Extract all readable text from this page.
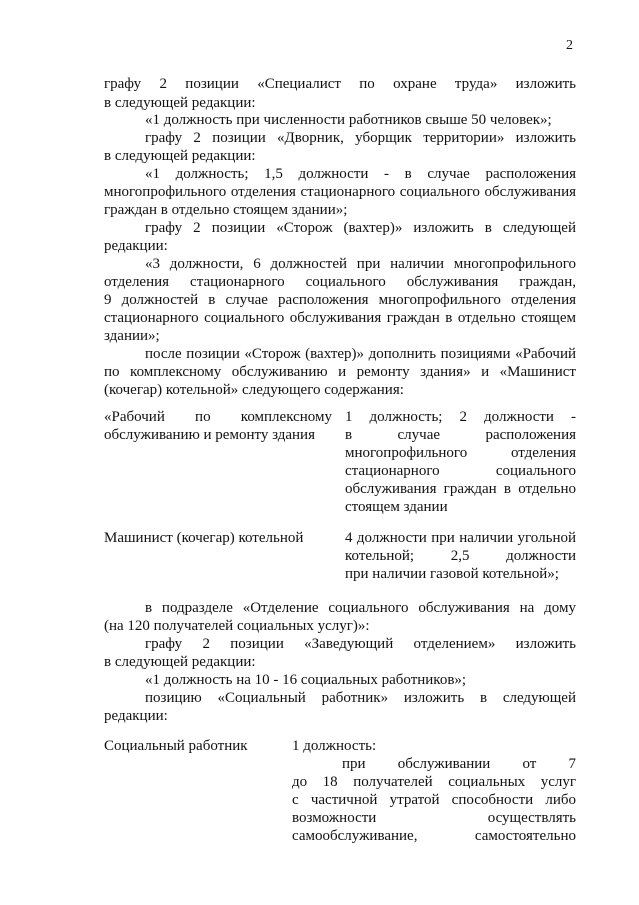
2
графу 2 позиции «Специалист по охране труда» изложить
в следующей редакции:
«1 должность при численности работников свыше 50 человек»;
графу 2 позиции «Дворник, уборщик территории» изложить
в следующей редакции:
«1 должность; 1,5 должности - в случае расположения
многопрофильного отделения стационарного социального обслуживания
граждан в отдельно стоящем здании»;
графу 2 позиции «Сторож (вахтер)» изложить в следующей
редакции:
«3 должности, 6 должностей при наличии многопрофильного
отделения стационарного социального обслуживания граждан,
9 должностей в случае расположения многопрофильного отделения
стационарного социального обслуживания граждан в отдельно стоящем
здании»;
после позиции «Сторож (вахтер)» дополнить позициями «Рабочий
по комплексному обслуживанию и ремонту здания» и «Машинист
(кочегар) котельной» следующего содержания:
«Рабочий по комплексному
обслуживанию и ремонту здания
1 должность; 2 должности -
в случае расположения
многопрофильного отделения
стационарного социального
обслуживания граждан в отдельно
стоящем здании
Машинист (кочегар) котельной	4 должности при наличии угольной
котельной; 2,5 должности
при наличии газовой котельной»;
в подразделе «Отделение социального обслуживания на дому
(на 120 получателей социальных услуг)»:
графу 2 позиции «Заведующий отделением» изложить
в следующей редакции:
«1 должность на 10 - 16 социальных работников»;
позицию «Социальный работник» изложить в следующей
редакции:
Социальный работник	1 должность:
при обслуживании от 7
до 18 получателей социальных услуг
с частичной утратой способности либо
возможности осуществлять
самообслуживание, самостоятельно
